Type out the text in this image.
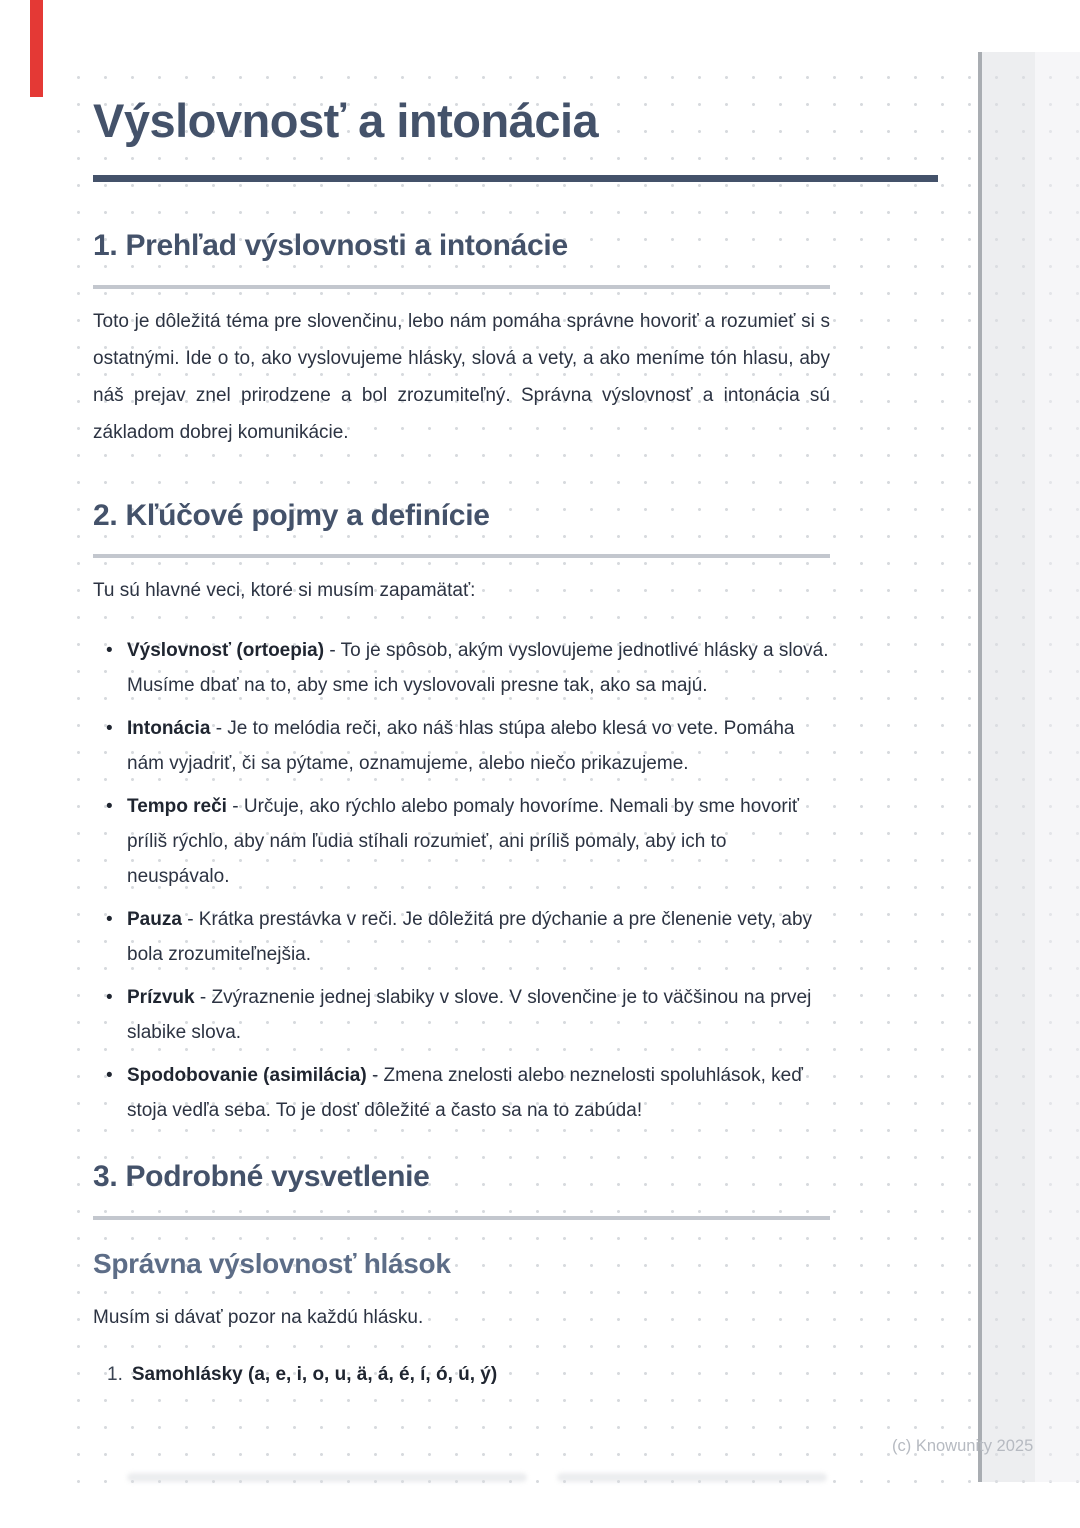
Výslovnosť a intonácia
1. Prehľad výslovnosti a intonácie

Toto je dôležitá téma pre slovenčinu, lebo nám pomáha správne hovoriť a rozumieť si s ostatnými. Ide o to, ako vyslovujeme hlásky, slová a vety, a ako meníme tón hlasu, aby náš prejav znel prirodzene a bol zrozumiteľný. Správna výslovnosť a intonácia sú základom dobrej komunikácie.

2. Kľúčové pojmy a definície

Tu sú hlavné veci, ktoré si musím zapamätať:

• Výslovnosť (ortoepia) - To je spôsob, akým vyslovujeme jednotlivé hlásky a slová. Musíme dbať na to, aby sme ich vyslovovali presne tak, ako sa majú.
• Intonácia - Je to melódia reči, ako náš hlas stúpa alebo klesá vo vete. Pomáha nám vyjadriť, či sa pýtame, oznamujeme, alebo niečo prikazujeme.
• Tempo reči - Určuje, ako rýchlo alebo pomaly hovoríme. Nemali by sme hovoriť príliš rýchlo, aby nám ľudia stíhali rozumieť, ani príliš pomaly, aby ich to neuspávalo.
• Pauza - Krátka prestávka v reči. Je dôležitá pre dýchanie a pre členenie vety, aby bola zrozumiteľnejšia.
• Prízvuk - Zvýraznenie jednej slabiky v slove. V slovenčine je to väčšinou na prvej slabike slova.
• Spodobovanie (asimilácia) - Zmena znelosti alebo neznelosti spoluhlások, keď stoja vedľa seba. To je dosť dôležité a často sa na to zabúda!
3. Podrobné vysvetlenie
Správna výslovnosť hlások

Musím si dávať pozor na každú hlásku.

1. Samohlásky (a, e, i, o, u, ä, á, é, í, ó, ú, ý)
(c) Knowunity 2025
